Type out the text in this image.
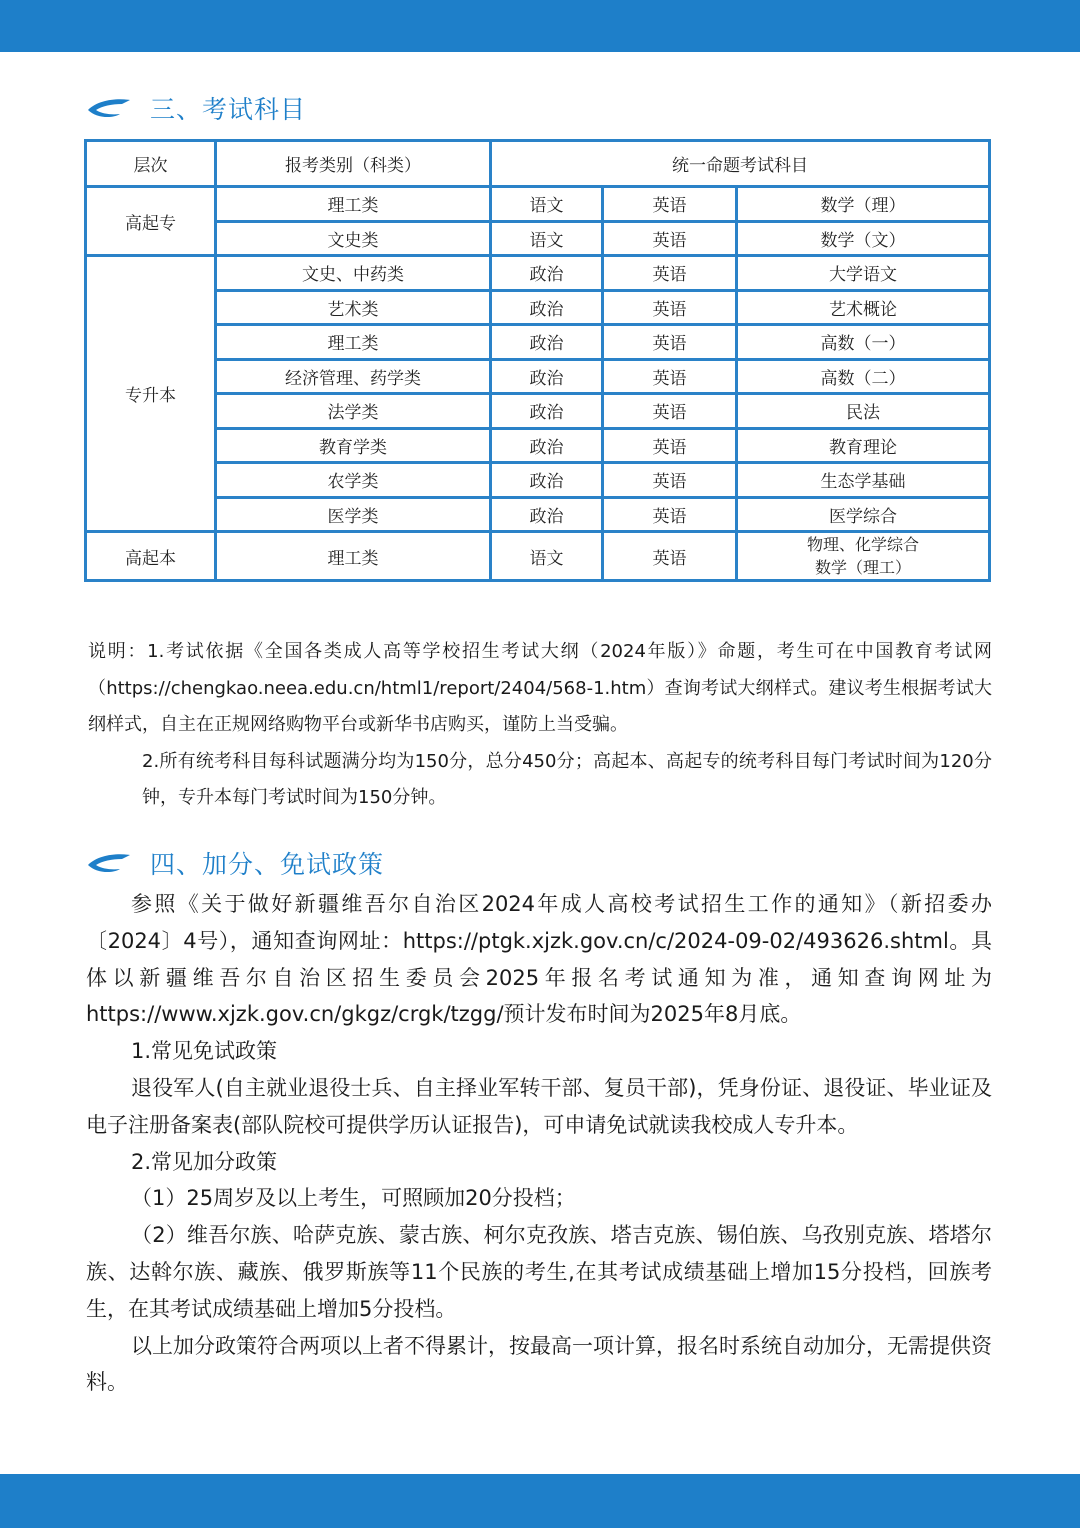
三、考试科目
层次	报考类别（科类）	统一命题考试科目		
高起专	理工类	语文	英语	数学（理）
	文史类	语文	英语	数学（文）
专升本	文史、中药类	政治	英语	大学语文
	艺术类	政治	英语	艺术概论
	理工类	政治	英语	高数（一）
	经济管理、药学类	政治	英语	高数（二）
	法学类	政治	英语	民法
	教育学类	政治	英语	教育理论
	农学类	政治	英语	生态学基础
	医学类	政治	英语	医学综合
高起本	理工类	语文	英语	物理、化学综合
数学（理工）

说明：1.考试依据《全国各类成人高等学校招生考试大纲（2024年版）》命题，考生可在中国教育考试网（https://chengkao.neea.edu.cn/html1/report/2404/568-1.htm）查询考试大纲样式。建议考生根据考试大纲样式，自主在正规网络购物平台或新华书店购买，谨防上当受骗。

2.所有统考科目每科试题满分均为150分，总分450分；高起本、高起专的统考科目每门考试时间为120分钟，专升本每门考试时间为150分钟。

四、加分、免试政策

参照《关于做好新疆维吾尔自治区2024年成人高校考试招生工作的通知》（新招委办〔2024〕4号），通知查询网址：https://ptgk.xjzk.gov.cn/c/2024-09-02/493626.shtml。具体以新疆维吾尔自治区招生委员会2025年报名考试通知为准，通知查询网址为https://www.xjzk.gov.cn/gkgz/crgk/tzgg/预计发布时间为2025年8月底。

1.常见免试政策

退役军人(自主就业退役士兵、自主择业军转干部、复员干部)，凭身份证、退役证、毕业证及电子注册备案表(部队院校可提供学历认证报告)，可申请免试就读我校成人专升本。

2.常见加分政策

（1）25周岁及以上考生，可照顾加20分投档；

（2）维吾尔族、哈萨克族、蒙古族、柯尔克孜族、塔吉克族、锡伯族、乌孜别克族、塔塔尔族、达斡尔族、藏族、俄罗斯族等11个民族的考生,在其考试成绩基础上增加15分投档，回族考生，在其考试成绩基础上增加5分投档。

以上加分政策符合两项以上者不得累计，按最高一项计算，报名时系统自动加分，无需提供资料。
